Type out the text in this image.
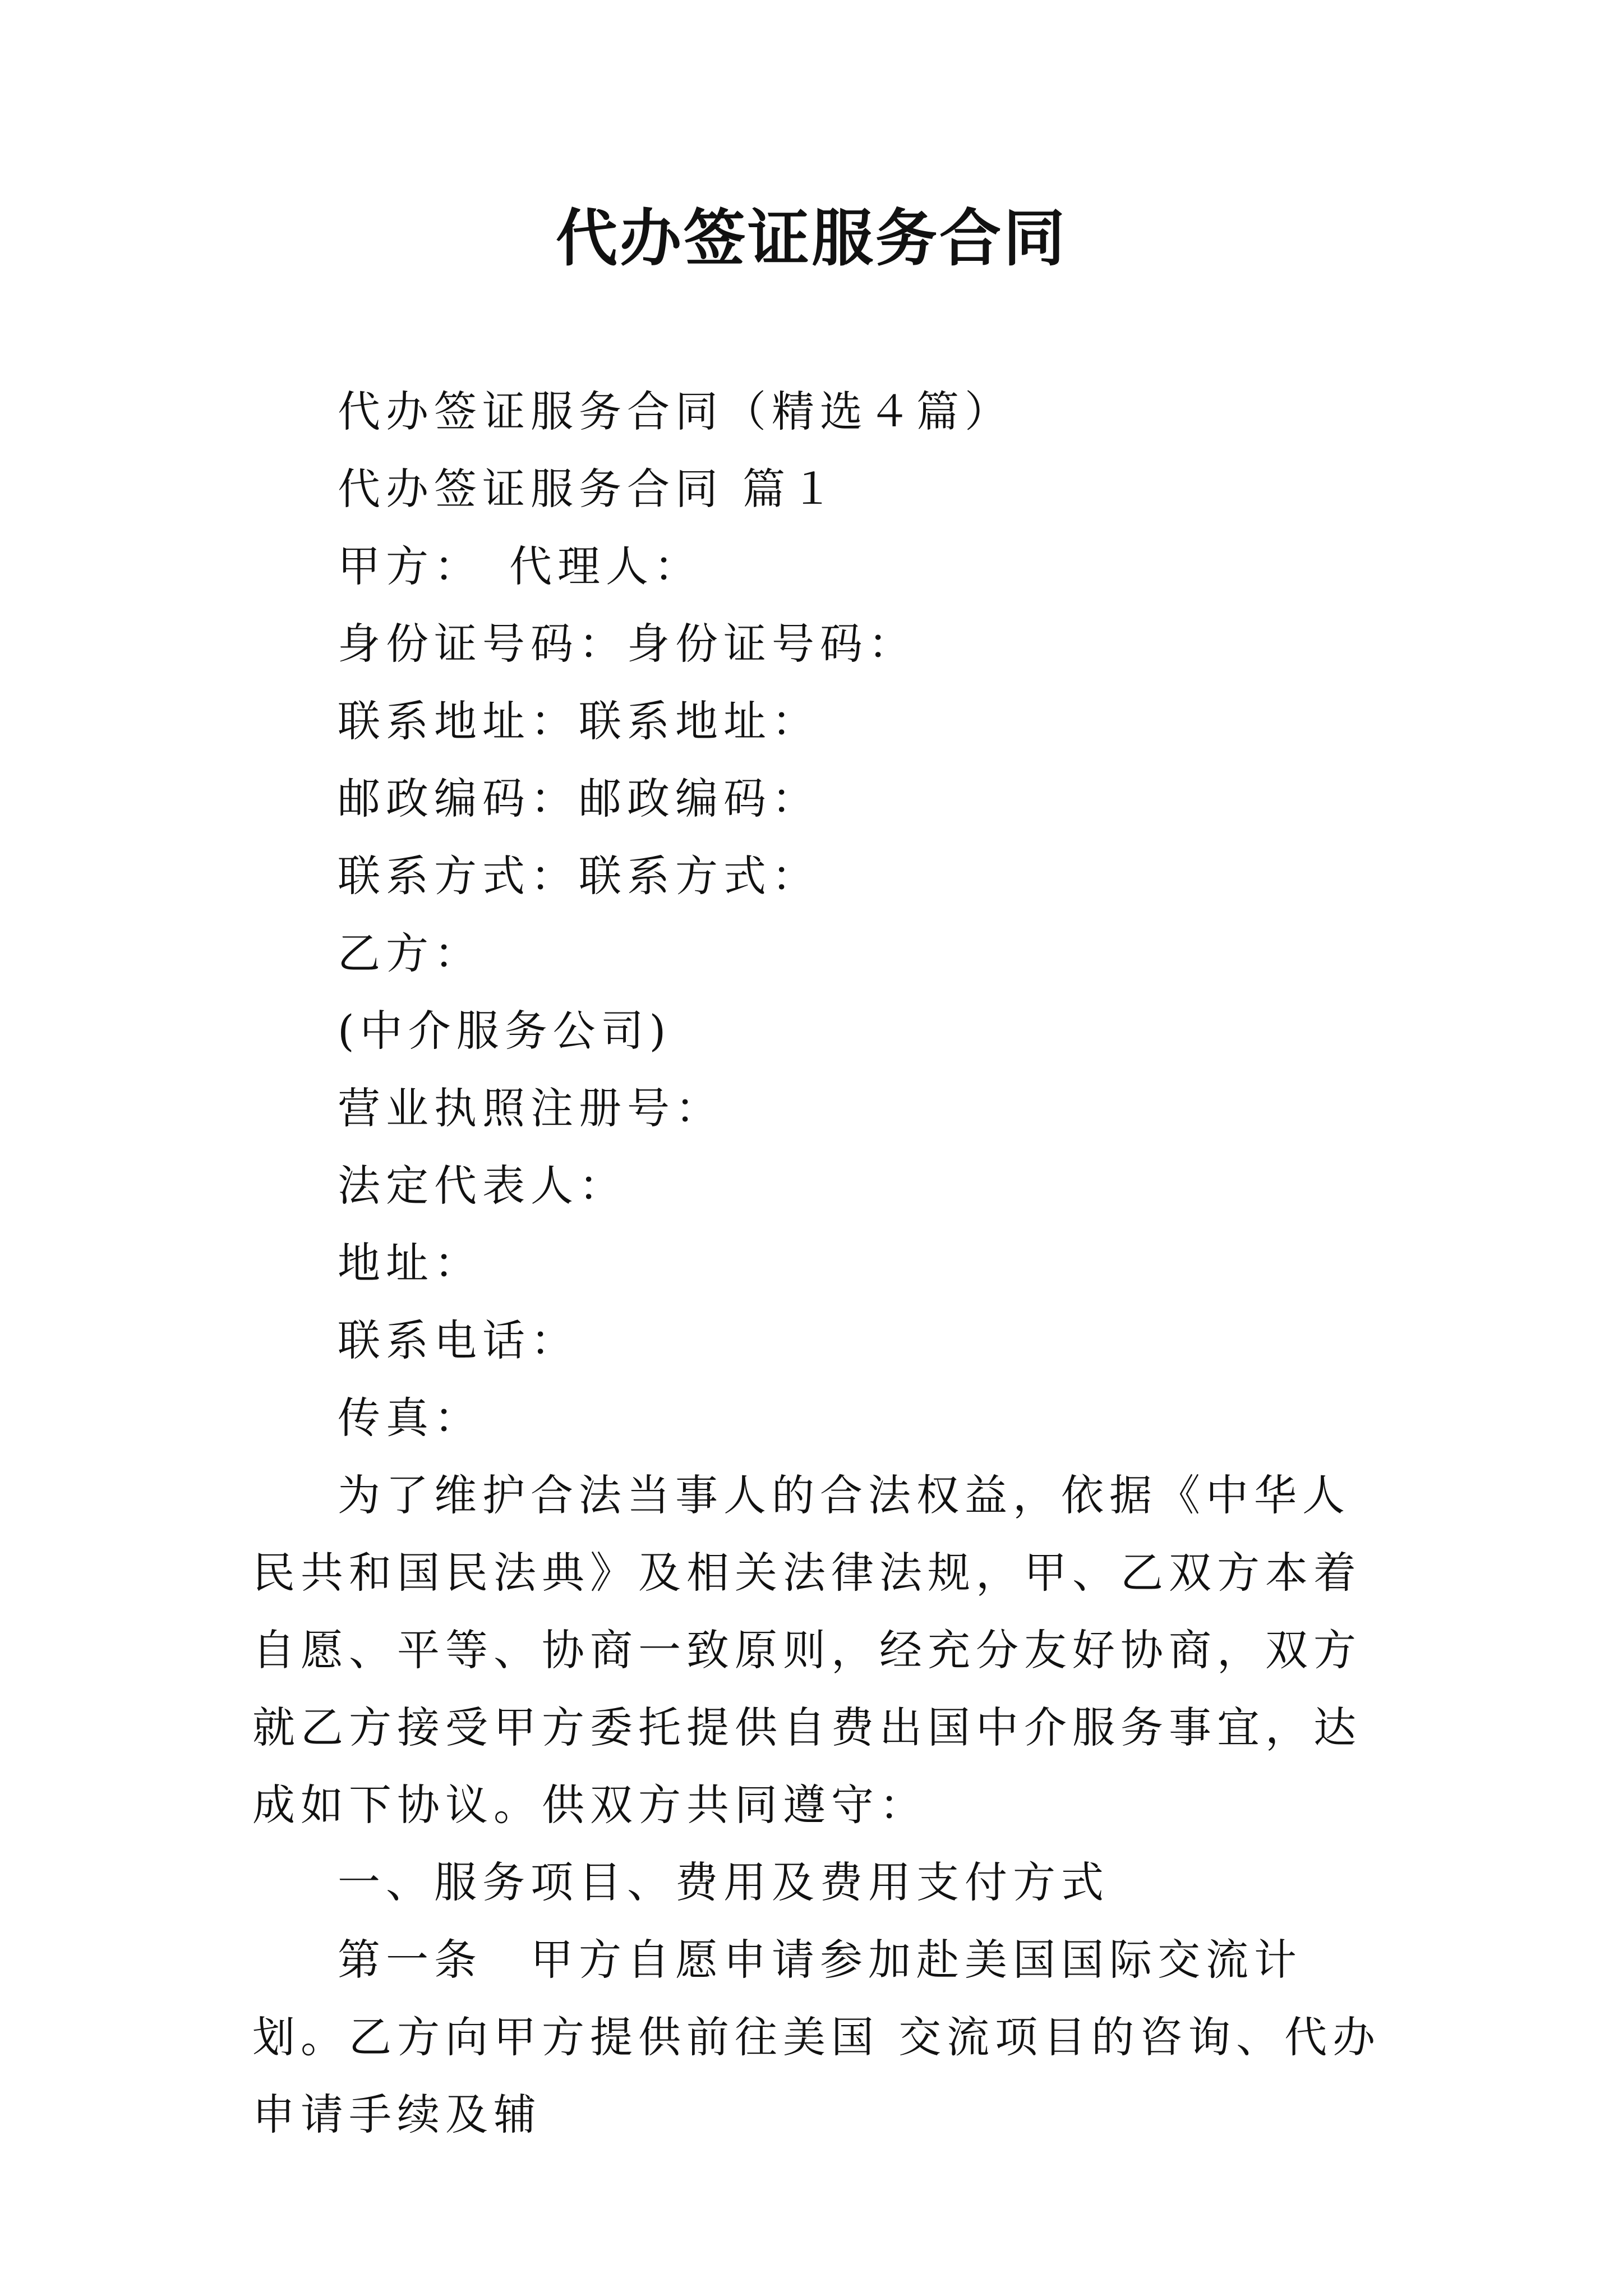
代办签证服务合同

代办签证服务合同（精选４篇）

代办签证服务合同 篇１

甲方：　代理人：

身份证号码：身份证号码：

联系地址：联系地址：

邮政编码：邮政编码：

联系方式：联系方式：

乙方：

(中介服务公司)

营业执照注册号：

法定代表人：

地址：

联系电话：

传真：

为了维护合法当事人的合法权益，依据《中华人民共和国民法典》及相关法律法规，甲、乙双方本着自愿、平等、协商一致原则，经充分友好协商，双方就乙方接受甲方委托提供自费出国中介服务事宜，达成如下协议。供双方共同遵守：

一、服务项目、费用及费用支付方式

第一条　甲方自愿申请参加赴美国国际交流计划。乙方向甲方提供前往美国 交流项目的咨询、代办申请手续及辅
